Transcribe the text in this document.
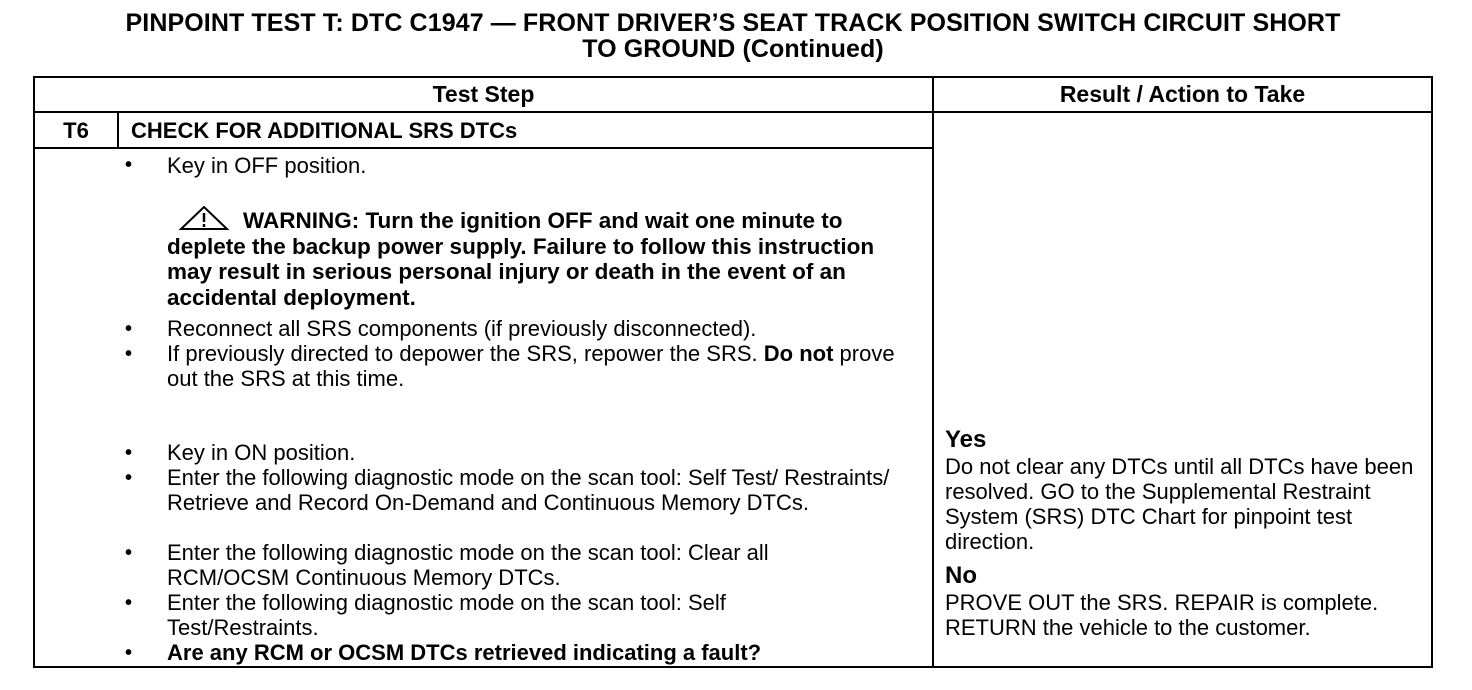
PINPOINT TEST T: DTC C1947 — FRONT DRIVER’S SEAT TRACK POSITION SWITCH CIRCUIT SHORT
TO GROUND (Continued)
Test Step	Result / Action to Take
T6	CHECK FOR ADDITIONAL SRS DTCs
• Key in OFF position.
WARNING: Turn the ignition OFF and wait one minute to deplete the backup power supply. Failure to follow this instruction may result in serious personal injury or death in the event of an accidental deployment.
• Reconnect all SRS components (if previously disconnected).
• If previously directed to depower the SRS, repower the SRS. Do not prove out the SRS at this time.
• Key in ON position.
• Enter the following diagnostic mode on the scan tool: Self Test/ Restraints/ Retrieve and Record On-Demand and Continuous Memory DTCs.
• Enter the following diagnostic mode on the scan tool: Clear all RCM/OCSM Continuous Memory DTCs.
• Enter the following diagnostic mode on the scan tool: Self Test/Restraints.
• Are any RCM or OCSM DTCs retrieved indicating a fault?
Yes
Do not clear any DTCs until all DTCs have been resolved. GO to the Supplemental Restraint System (SRS) DTC Chart for pinpoint test direction.
No
PROVE OUT the SRS. REPAIR is complete. RETURN the vehicle to the customer.
